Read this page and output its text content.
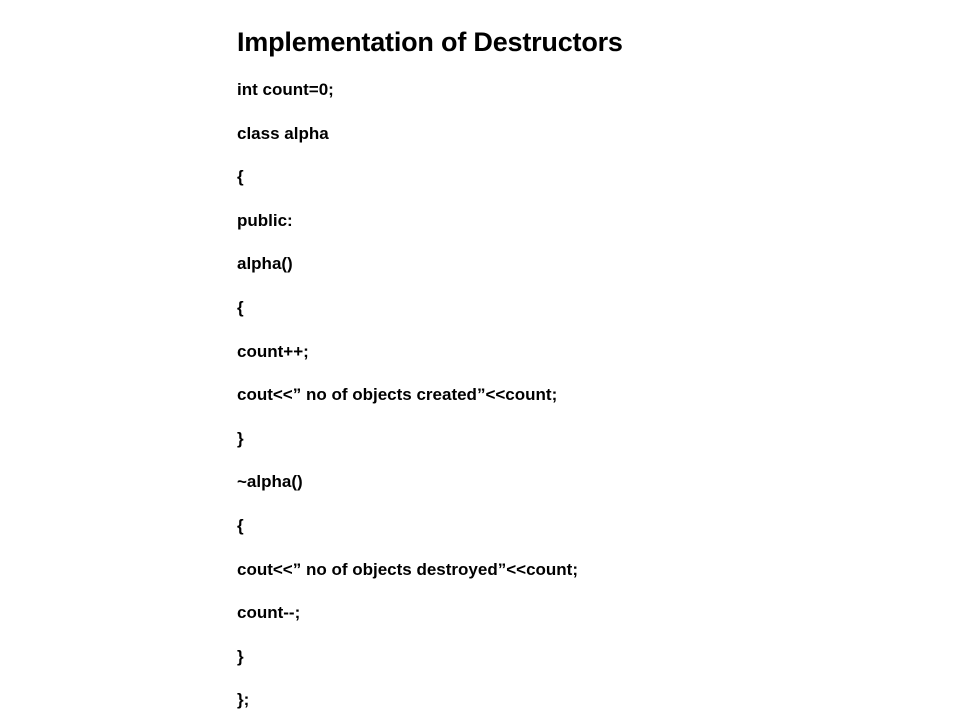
Implementation of Destructors
int count=0;
class alpha
{
public:
alpha()
{
count++;
cout<<” no of objects created”<<count;
}
~alpha()
{
cout<<” no of objects destroyed”<<count;
count--;
}
};
